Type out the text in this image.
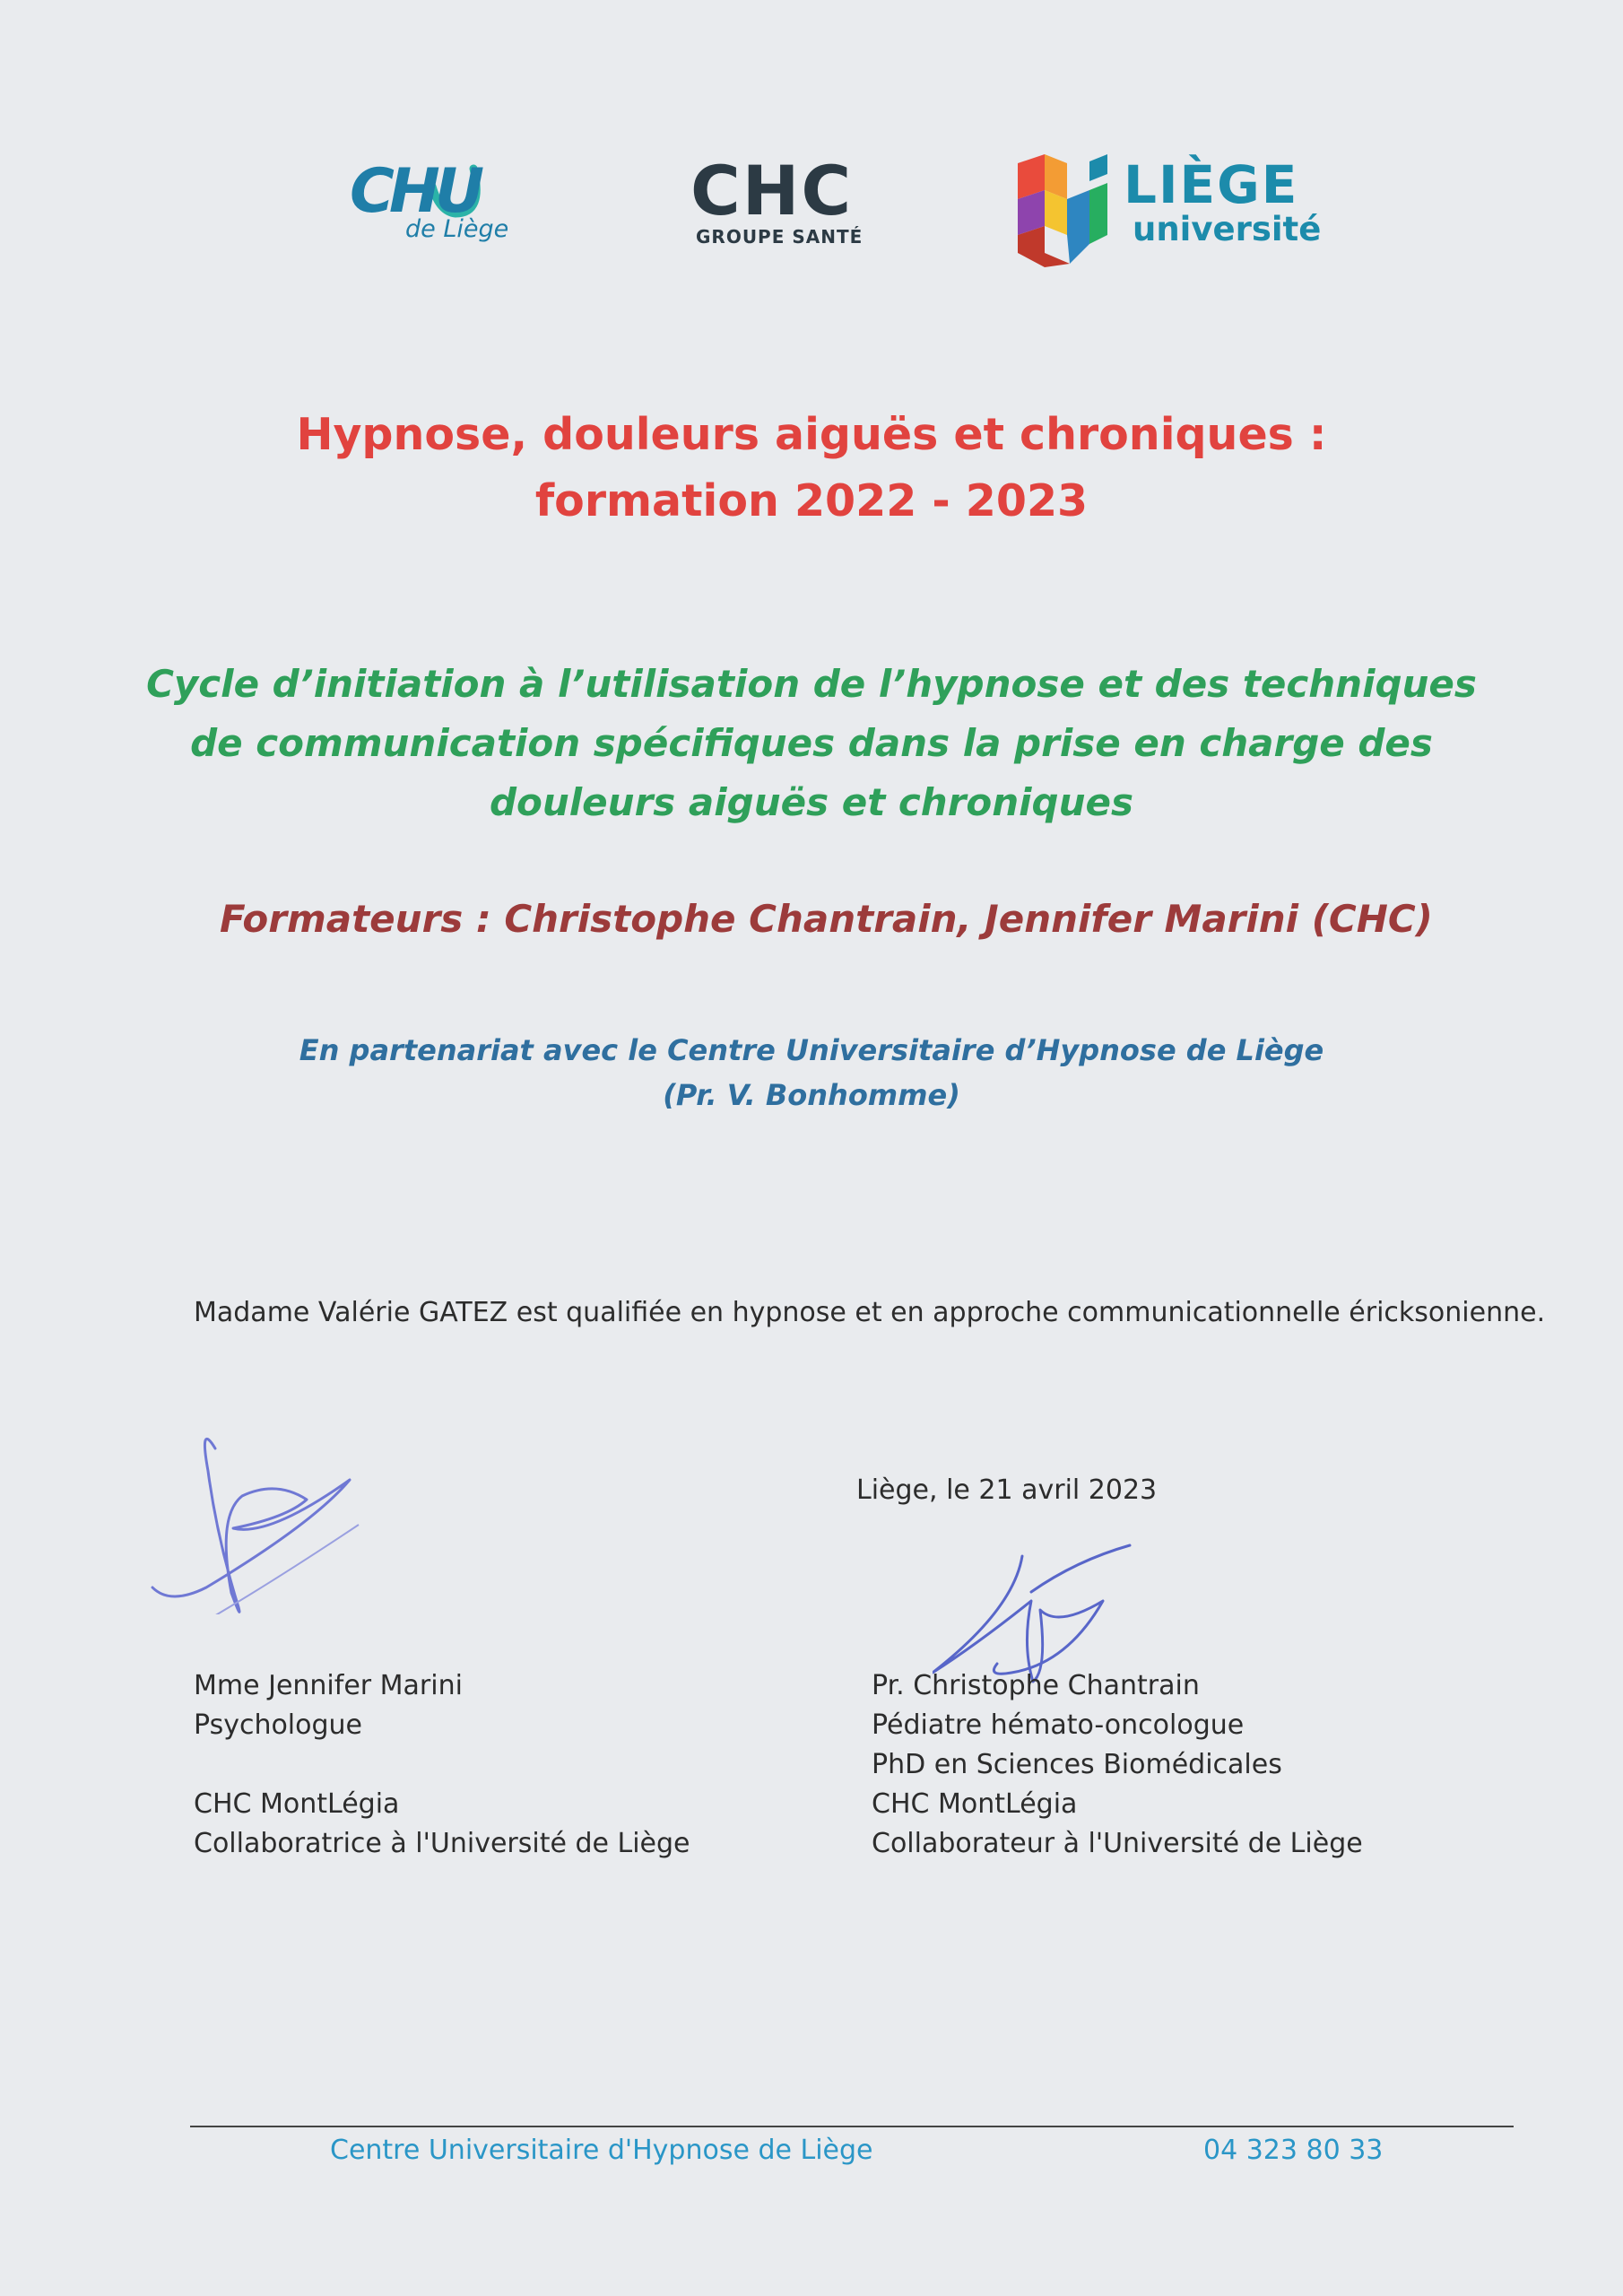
CHU
de Liège	CHC
GROUPE SANTÉ
LIÈGE
université
Hypnose, douleurs aiguës et chroniques :
formation 2022 - 2023
Cycle d’initiation à l’utilisation de l’hypnose et des techniques
de communication spécifiques dans la prise en charge des
douleurs aiguës et chroniques
Formateurs : Christophe Chantrain, Jennifer Marini (CHC)
En partenariat avec le Centre Universitaire d’Hypnose de Liège
(Pr. V. Bonhomme)
Madame Valérie GATEZ est qualifiée en hypnose et en approche communicationnelle éricksonienne.
Liège, le 21 avril 2023
Mme Jennifer Marini
Psychologue
CHC MontLégia
Collaboratrice à l'Université de Liège
Pr. Christophe Chantrain
Pédiatre hémato-oncologue
PhD en Sciences Biomédicales
CHC MontLégia
Collaborateur à l'Université de Liège
Centre Universitaire d'Hypnose de Liège	04 323 80 33
